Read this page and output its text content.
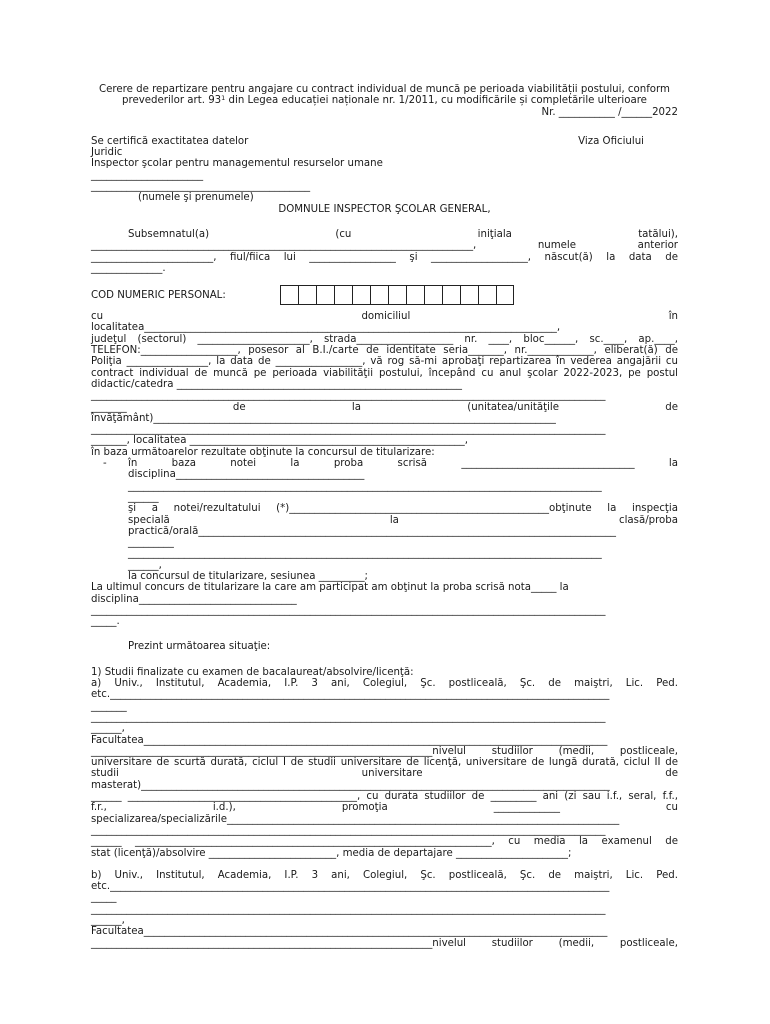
Cerere de repartizare pentru angajare cu contract individual de muncă pe perioada viabilității postului, conform
prevederilor art. $93^1$ din Legea educației naționale nr. 1/2011, cu modificările și completările ulterioare
Nr. ___________ /______2022
Se certifică exactitatea datelor	Viza Oficiului
Juridic
Inspector şcolar pentru managementul resurselor umane
______________________
___________________________________________
(numele şi prenumele)
DOMNULE INSPECTOR ŞCOLAR GENERAL,
Subsemnatul(a) (cu iniţiala tatălui),
___________________________________________________________________________, numele anterior
________________________, fiul/fiica lui _________________ şi ___________________, născut(ă) la data de
______________.
COD NUMERIC PERSONAL:
cu domiciliul în
localitatea_________________________________________________________________________________,
judeţul (sectorul) ______________________, strada___________________ nr. ____, bloc______, sc.____, ap.____,
TELEFON:___________________, posesor al B.I./carte de identitate seria_______, nr._____________, eliberat(ă) de
Poliţia ________________, la data de _________________, vă rog să-mi aprobaţi repartizarea în vederea angajării cu
contract individual de muncă pe perioada viabilităţii postului, începând cu anul şcolar 2022-2023, pe postul
didactic/catedra ________________________________________________________
_____________________________________________________________________________________________________
_______ de la (unitatea/unităţile de
învăţământ)_______________________________________________________________________________
_____________________________________________________________________________________________________
_______, localitatea ______________________________________________________,
în baza următoarelor rezultate obţinute la concursul de titularizare:
-	în baza notei la proba scrisă __________________________________ la
disciplina_____________________________________
_____________________________________________________________________________________________
______
şi a notei/rezultatului (*)___________________________________________________obţinute la inspecţia
specială la clasă/proba
practică/orală__________________________________________________________________________________
_________
_____________________________________________________________________________________________
______,
la concursul de titularizare, sesiunea _________;
La ultimul concurs de titularizare la care am participat am obţinut la proba scrisă nota_____ la
disciplina_______________________________
_____________________________________________________________________________________________________
_____.
Prezint următoarea situaţie:
1) Studii finalizate cu examen de bacalaureat/absolvire/licenţă:
a) Univ., Institutul, Academia, I.P. 3 ani, Colegiul, Şc. postliceală, Şc. de maiştri, Lic. Ped.
etc.__________________________________________________________________________________________________
_______
_____________________________________________________________________________________________________
______,
Facultatea___________________________________________________________________________________________
___________________________________________________________________nivelul studiilor (medii, postliceale,
universitare de scurtă durată, ciclul I de studii universitare de licenţă, universitare de lungă durată, ciclul II de
studii universitare de
masterat)____________________________________________________________________________________________
______ _____________________________________________, cu durata studiilor de _________ ani (zi sau i.f., seral, f.f.,
f.r., i.d.), promoţia _____________ cu
specializarea/specializările_____________________________________________________________________________
_____________________________________________________________________________________________________
______ ______________________________________________________________________, cu media la examenul de
stat (licenţă)/absolvire _________________________, media de departajare ______________________;
b) Univ., Institutul, Academia, I.P. 3 ani, Colegiul, Şc. postliceală, Şc. de maiştri, Lic. Ped.
etc.__________________________________________________________________________________________________
_____
_____________________________________________________________________________________________________
______,
Facultatea___________________________________________________________________________________________
___________________________________________________________________nivelul studiilor (medii, postliceale,
